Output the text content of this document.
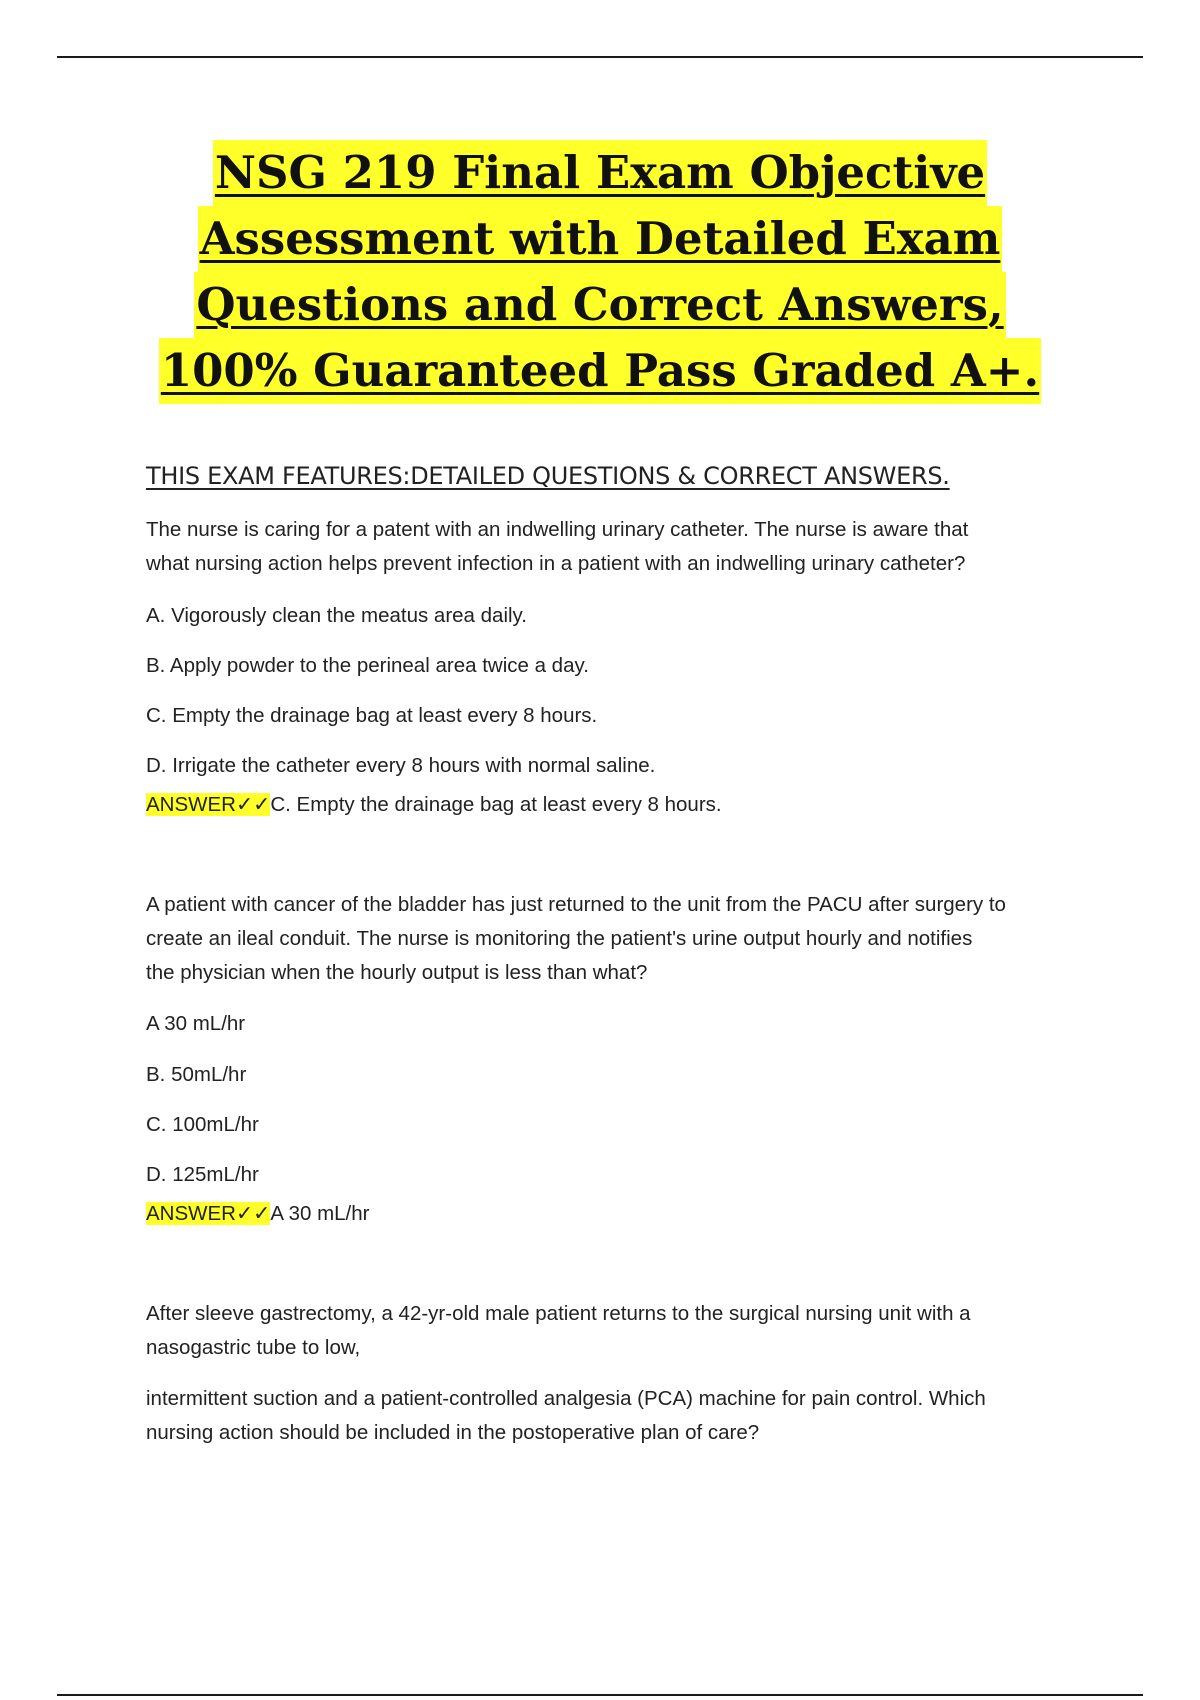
NSG 219 Final Exam Objective
Assessment with Detailed Exam
Questions and Correct Answers,
100% Guaranteed Pass Graded A+.
THIS EXAM FEATURES:DETAILED QUESTIONS & CORRECT ANSWERS.
The nurse is caring for a patent with an indwelling urinary catheter. The nurse is aware that
what nursing action helps prevent infection in a patient with an indwelling urinary catheter?
A. Vigorously clean the meatus area daily.
B. Apply powder to the perineal area twice a day.
C. Empty the drainage bag at least every 8 hours.
D. Irrigate the catheter every 8 hours with normal saline.
ANSWER✓✓C. Empty the drainage bag at least every 8 hours.
A patient with cancer of the bladder has just returned to the unit from the PACU after surgery to
create an ileal conduit. The nurse is monitoring the patient's urine output hourly and notifies
the physician when the hourly output is less than what?
A 30 mL/hr
B. 50mL/hr
C. 100mL/hr
D. 125mL/hr
ANSWER✓✓A 30 mL/hr
After sleeve gastrectomy, a 42-yr-old male patient returns to the surgical nursing unit with a
nasogastric tube to low,
intermittent suction and a patient-controlled analgesia (PCA) machine for pain control. Which
nursing action should be included in the postoperative plan of care?
